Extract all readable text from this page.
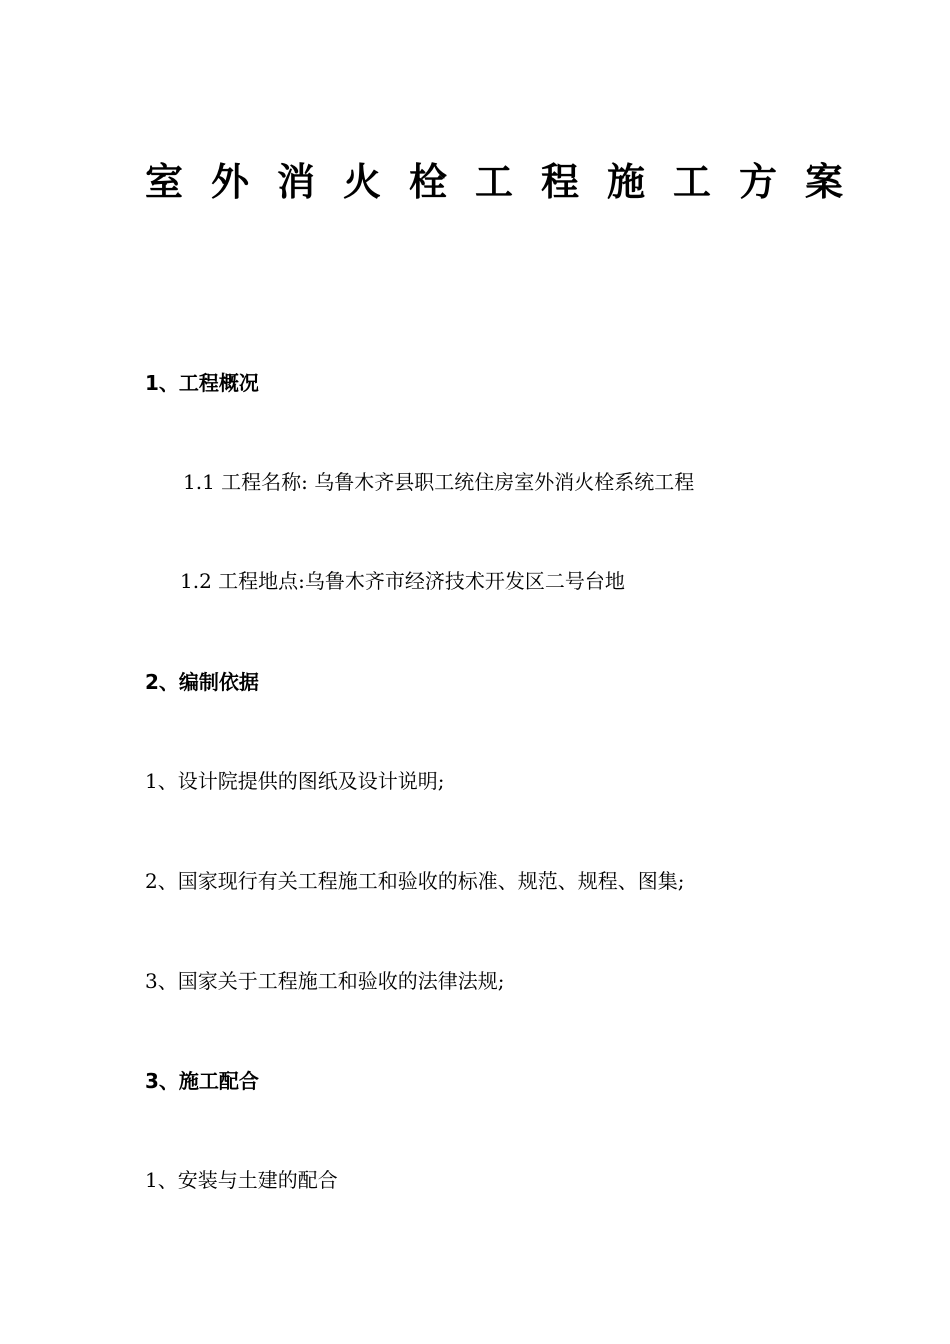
室外消火栓工程施工方案
1、工程概况
1.1 工程名称: 乌鲁木齐县职工统住房室外消火栓系统工程
1.2 工程地点:乌鲁木齐市经济技术开发区二号台地
2、编制依据
1、设计院提供的图纸及设计说明;
2、国家现行有关工程施工和验收的标准、规范、规程、图集;
3、国家关于工程施工和验收的法律法规;
3、施工配合
1、安装与土建的配合
